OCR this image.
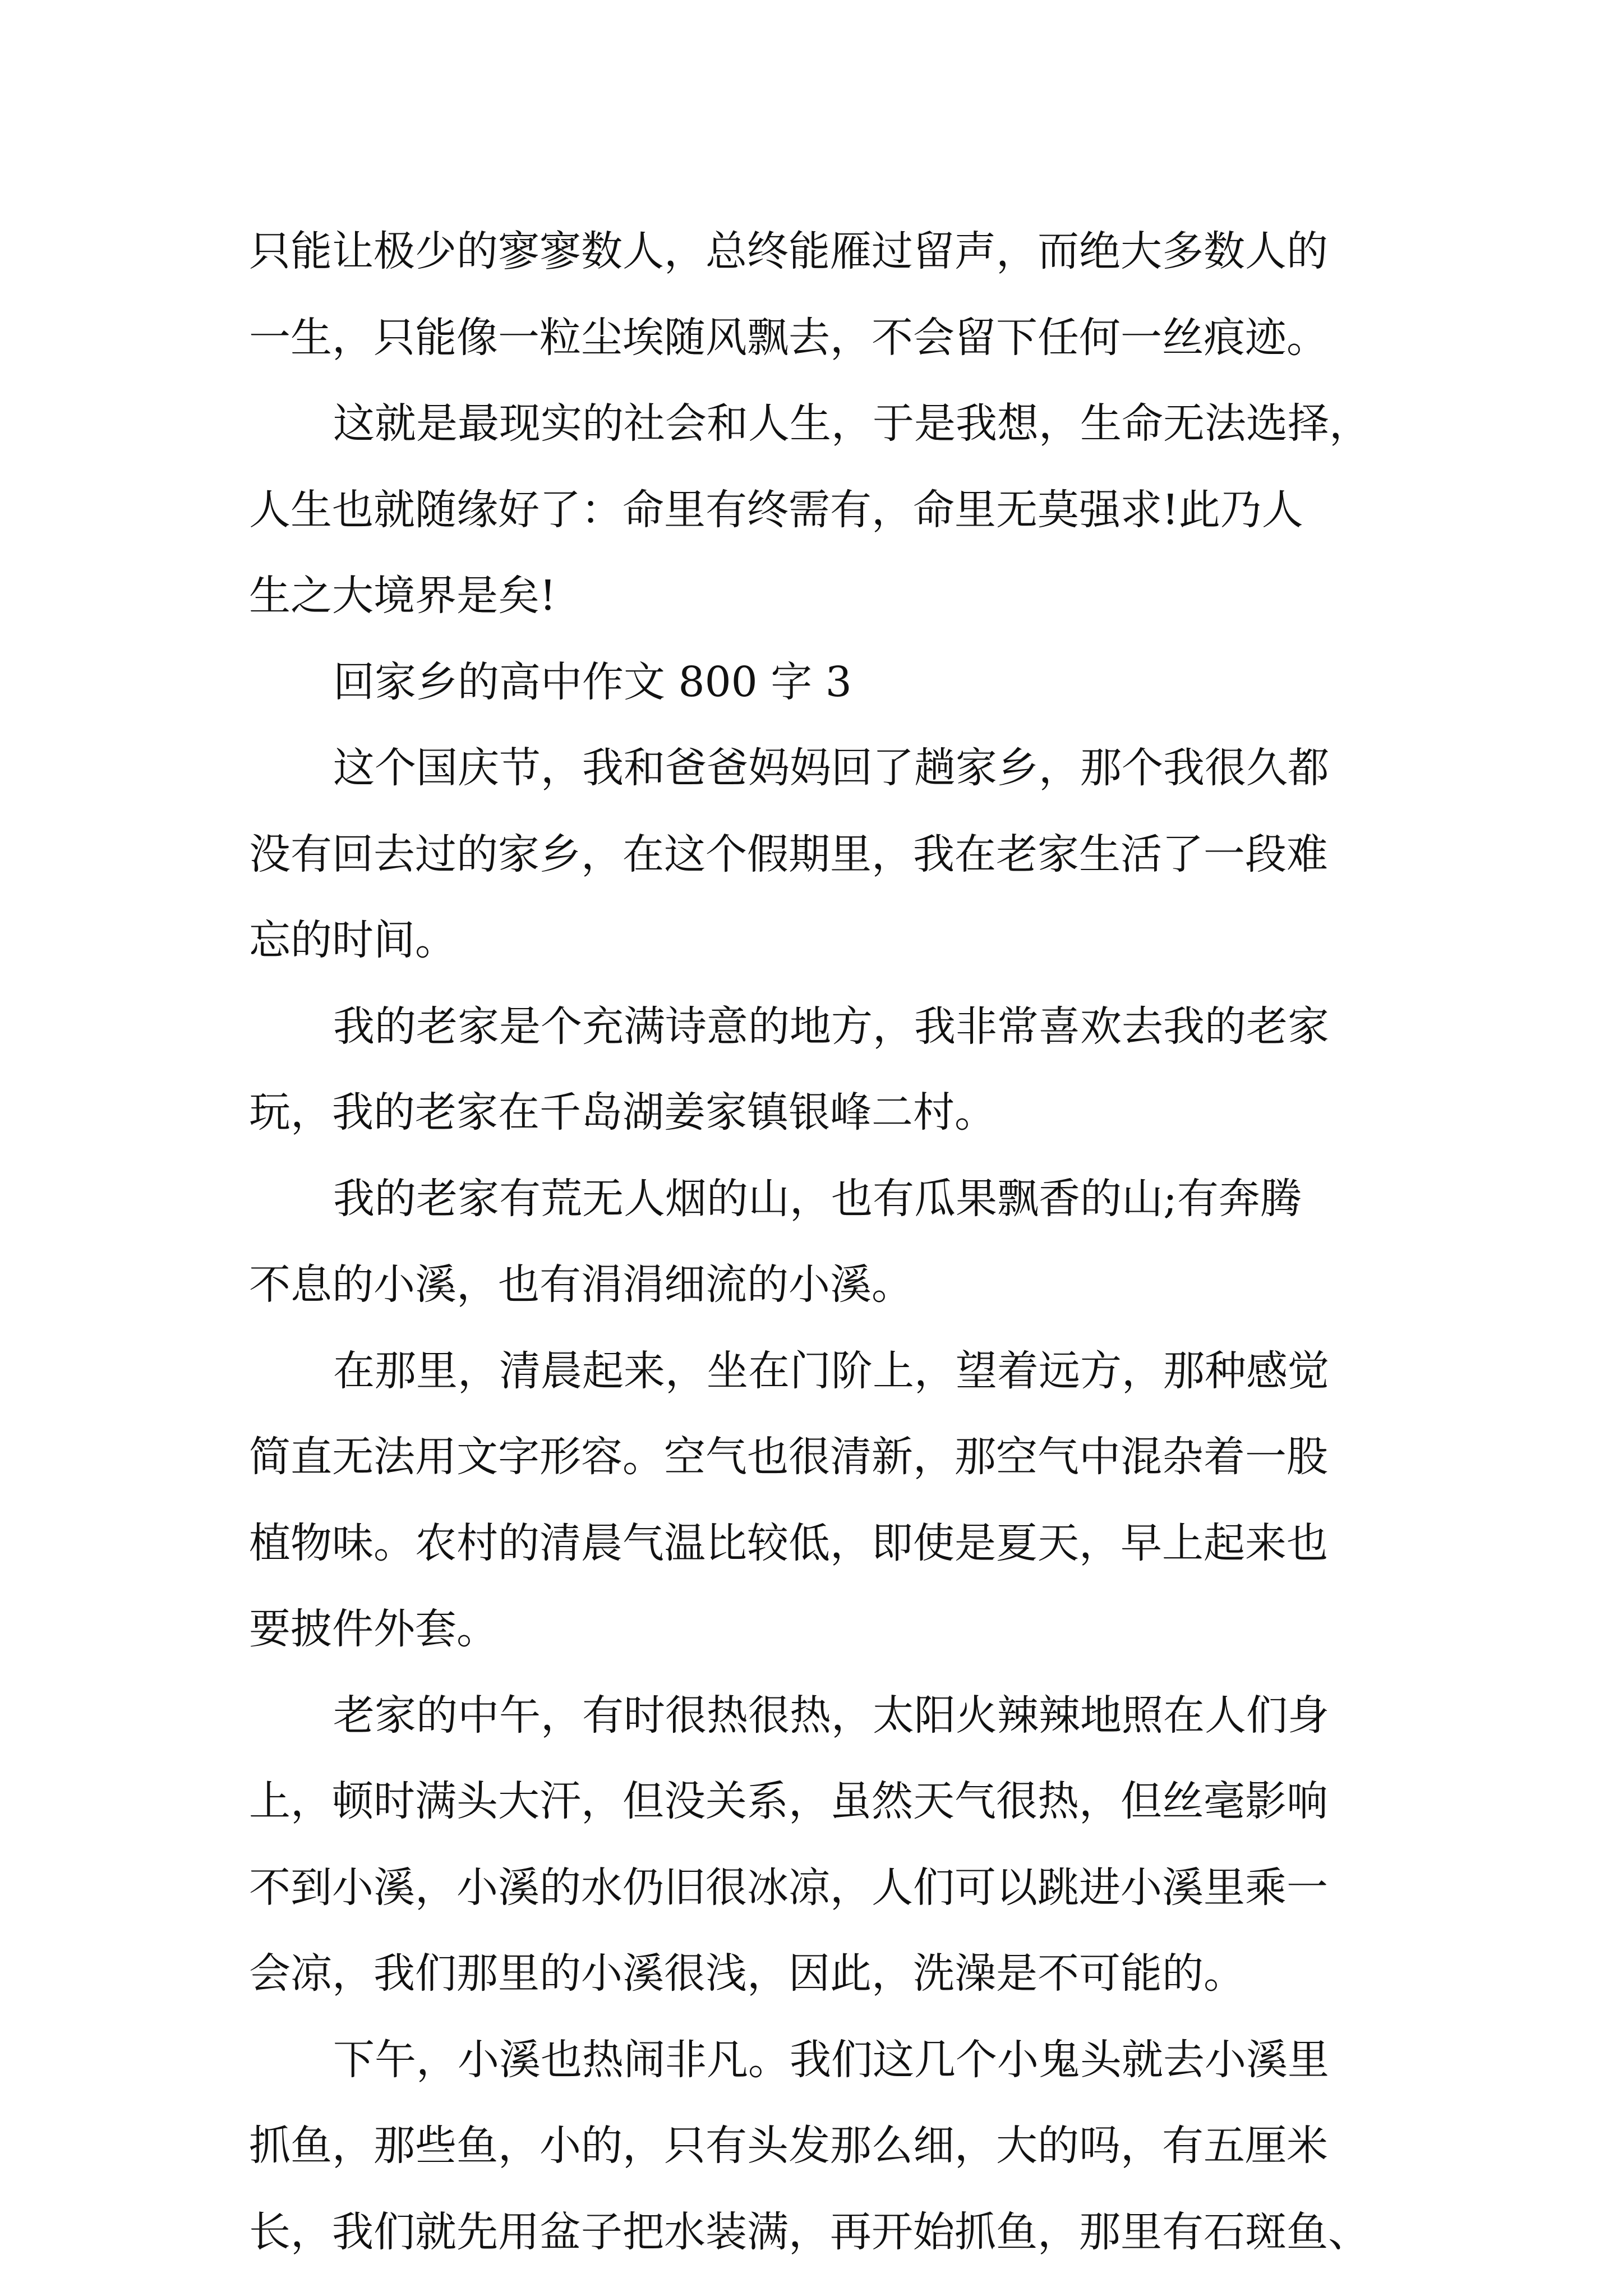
只能让极少的寥寥数人，总终能雁过留声，而绝大多数人的
一生，只能像一粒尘埃随风飘去，不会留下任何一丝痕迹。
这就是最现实的社会和人生，于是我想，生命无法选择，
人生也就随缘好了：命里有终需有，命里无莫强求!此乃人
生之大境界是矣!
回家乡的高中作文 800 字 3
这个国庆节，我和爸爸妈妈回了趟家乡，那个我很久都
没有回去过的家乡，在这个假期里，我在老家生活了一段难
忘的时间。
我的老家是个充满诗意的地方，我非常喜欢去我的老家
玩，我的老家在千岛湖姜家镇银峰二村。
我的老家有荒无人烟的山，也有瓜果飘香的山;有奔腾
不息的小溪，也有涓涓细流的小溪。
在那里，清晨起来，坐在门阶上，望着远方，那种感觉
简直无法用文字形容。空气也很清新，那空气中混杂着一股
植物味。农村的清晨气温比较低，即使是夏天，早上起来也
要披件外套。
老家的中午，有时很热很热，太阳火辣辣地照在人们身
上，顿时满头大汗，但没关系，虽然天气很热，但丝毫影响
不到小溪，小溪的水仍旧很冰凉，人们可以跳进小溪里乘一
会凉，我们那里的小溪很浅，因此，洗澡是不可能的。
下午，小溪也热闹非凡。我们这几个小鬼头就去小溪里
抓鱼，那些鱼，小的，只有头发那么细，大的吗，有五厘米
长，我们就先用盆子把水装满，再开始抓鱼，那里有石斑鱼、
